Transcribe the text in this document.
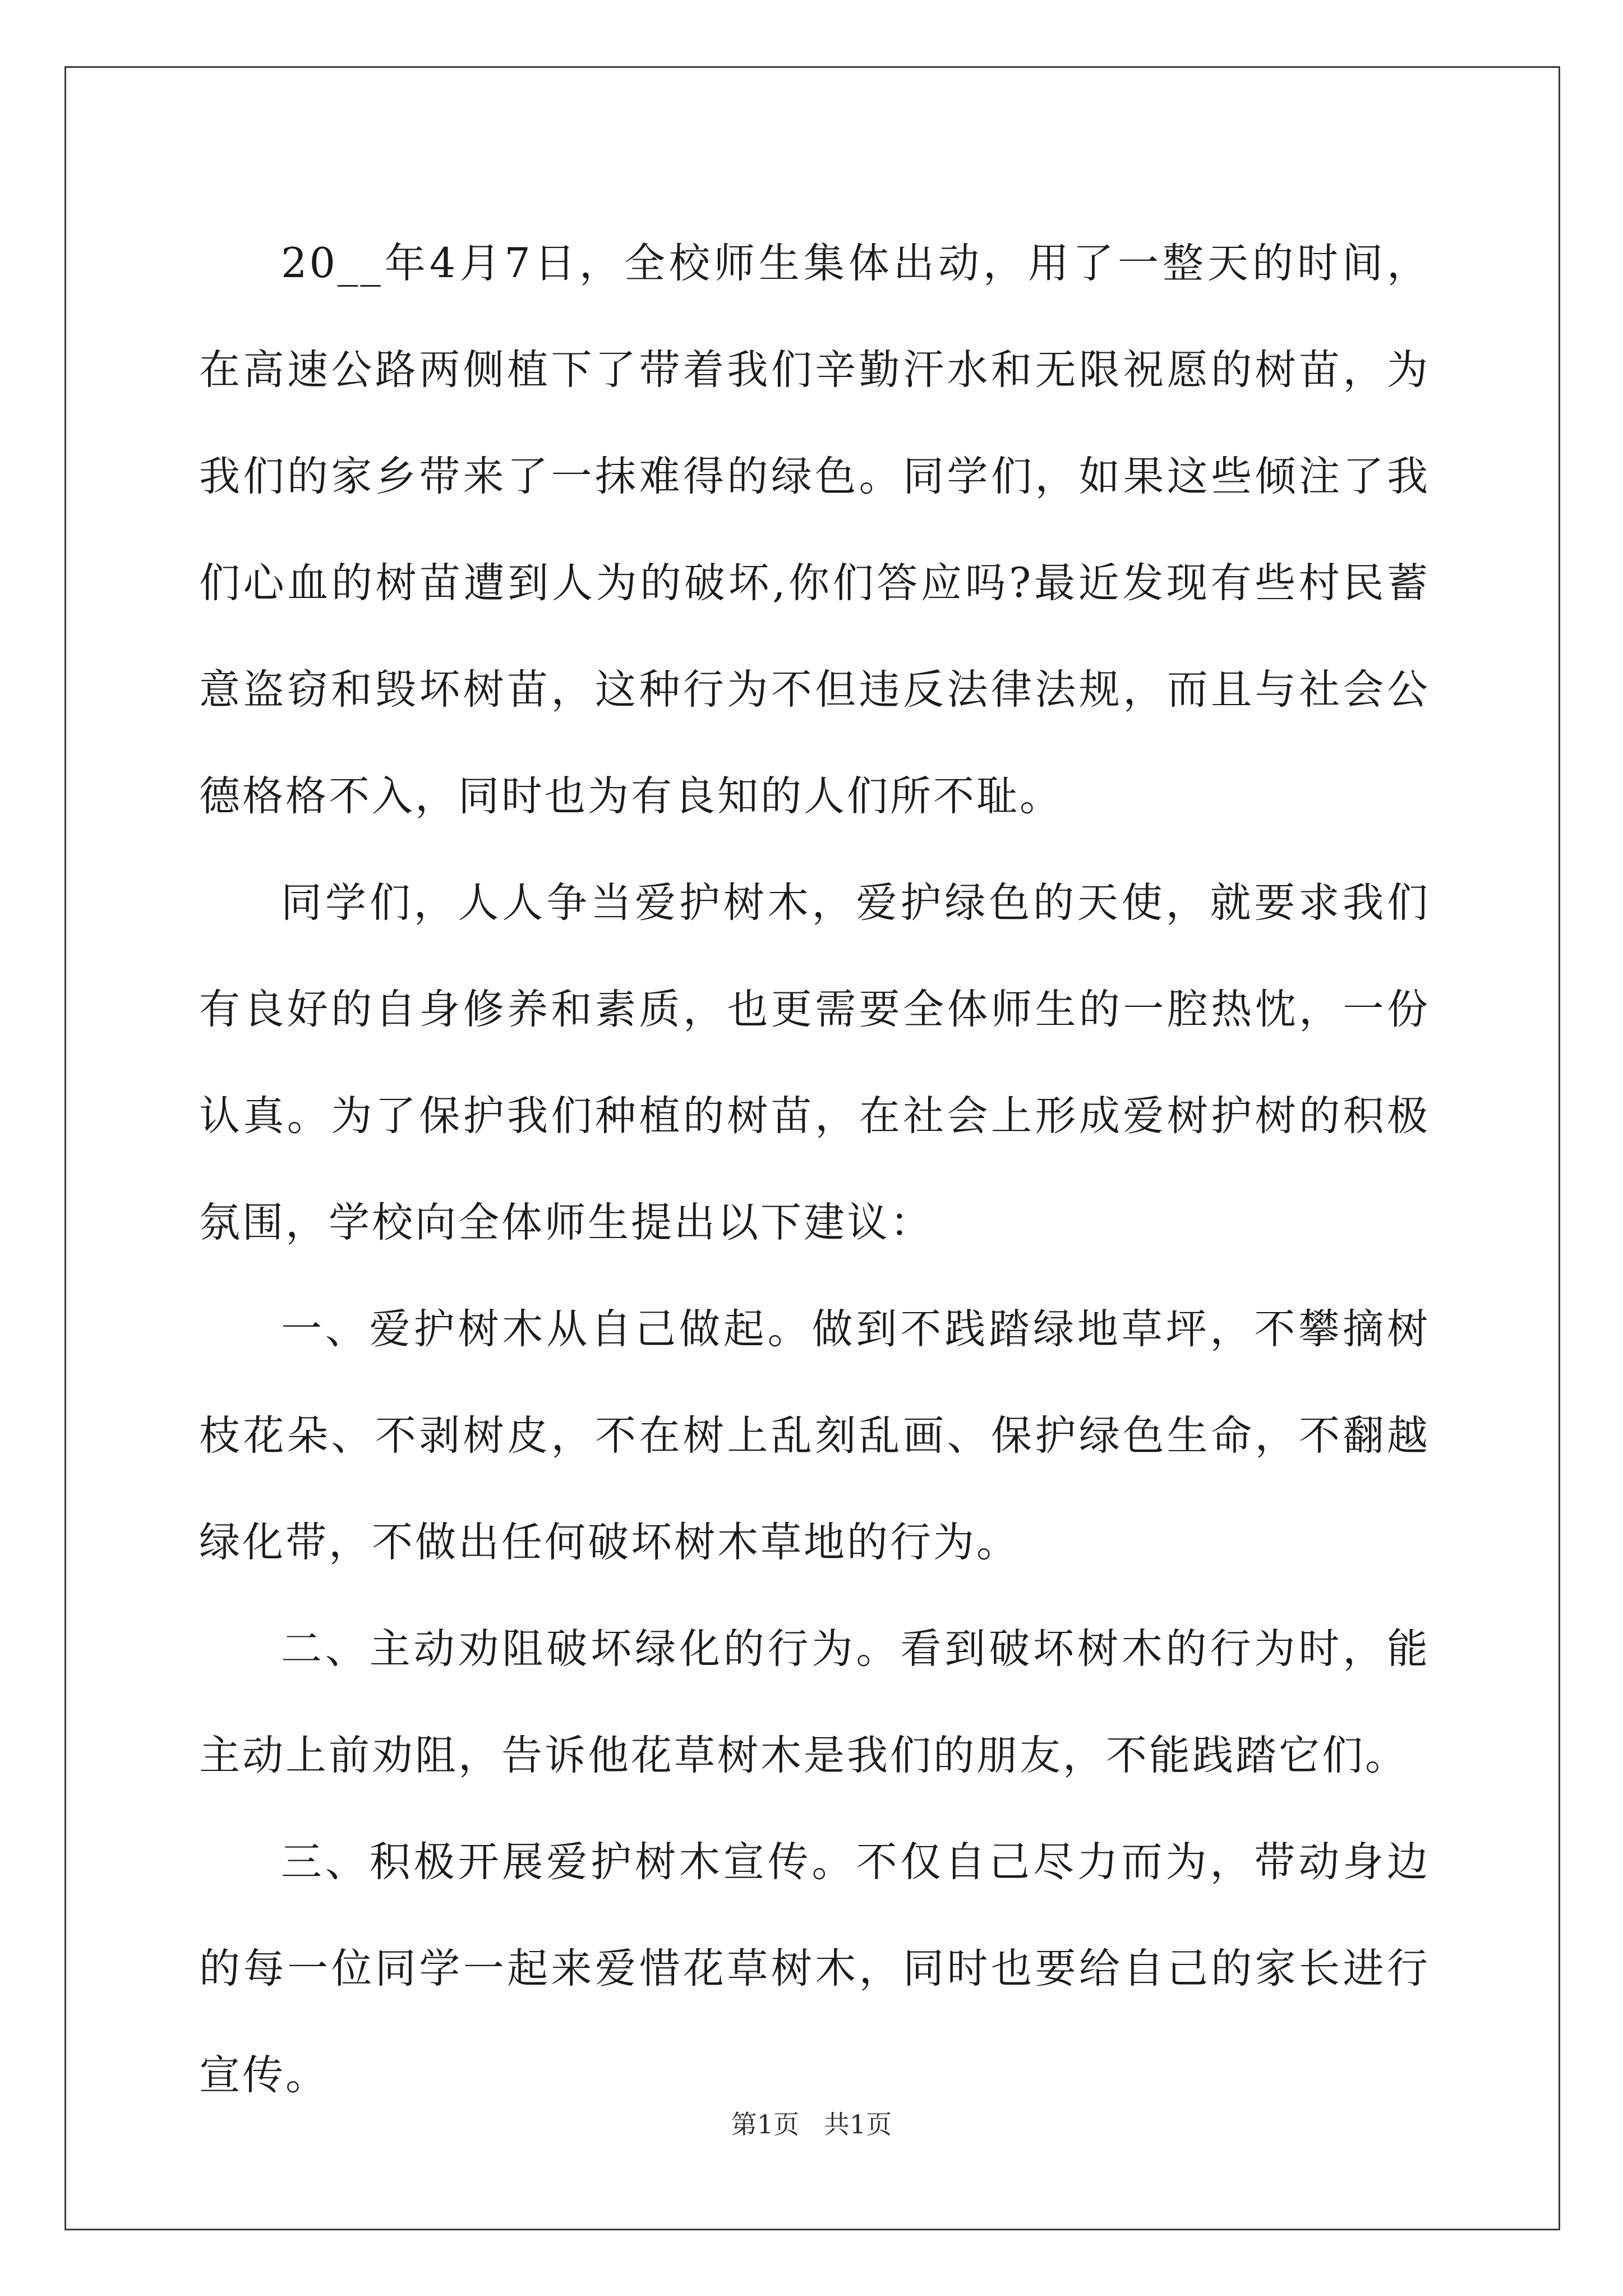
20__年4月7日，全校师生集体出动，用了一整天的时间，在高速公路两侧植下了带着我们辛勤汗水和无限祝愿的树苗，为我们的家乡带来了一抹难得的绿色。同学们，如果这些倾注了我们心血的树苗遭到人为的破坏,你们答应吗?最近发现有些村民蓄意盗窃和毁坏树苗，这种行为不但违反法律法规，而且与社会公德格格不入，同时也为有良知的人们所不耻。

同学们，人人争当爱护树木，爱护绿色的天使，就要求我们有良好的自身修养和素质，也更需要全体师生的一腔热忱，一份认真。为了保护我们种植的树苗，在社会上形成爱树护树的积极氛围，学校向全体师生提出以下建议：

一、爱护树木从自己做起。做到不践踏绿地草坪，不攀摘树枝花朵、不剥树皮，不在树上乱刻乱画、保护绿色生命，不翻越绿化带，不做出任何破坏树木草地的行为。

二、主动劝阻破坏绿化的行为。看到破坏树木的行为时，能主动上前劝阻，告诉他花草树木是我们的朋友，不能践踏它们。

三、积极开展爱护树木宣传。不仅自己尽力而为，带动身边的每一位同学一起来爱惜花草树木，同时也要给自己的家长进行宣传。

第1页   共1页
